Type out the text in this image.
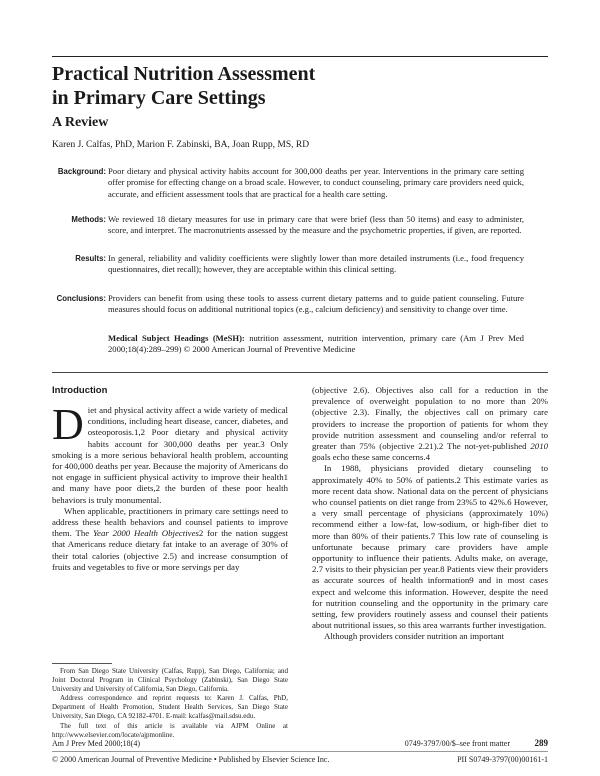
Practical Nutrition Assessment
in Primary Care Settings
A Review
Karen J. Calfas, PhD, Marion F. Zabinski, BA, Joan Rupp, MS, RD
Background: Poor dietary and physical activity habits account for 300,000 deaths per year. Interventions in the primary care setting offer promise for effecting change on a broad scale. However, to conduct counseling, primary care providers need quick, accurate, and efficient assessment tools that are practical for a health care setting.
Methods: We reviewed 18 dietary measures for use in primary care that were brief (less than 50 items) and easy to administer, score, and interpret. The macronutrients assessed by the measure and the psychometric properties, if given, are reported.
Results: In general, reliability and validity coefficients were slightly lower than more detailed instruments (i.e., food frequency questionnaires, diet recall); however, they are acceptable within this clinical setting.
Conclusions: Providers can benefit from using these tools to assess current dietary patterns and to guide patient counseling. Future measures should focus on additional nutritional topics (e.g., calcium deficiency) and sensitivity to change over time.
Medical Subject Headings (MeSH): nutrition assessment, nutrition intervention, primary care (Am J Prev Med 2000;18(4):289–299) © 2000 American Journal of Preventive Medicine
Introduction

Diet and physical activity affect a wide variety of medical conditions, including heart disease, cancer, diabetes, and osteoporosis.1,2 Poor dietary and physical activity habits account for 300,000 deaths per year.3 Only smoking is a more serious behavioral health problem, accounting for 400,000 deaths per year. Because the majority of Americans do not engage in sufficient physical activity to improve their health1 and many have poor diets,2 the burden of these poor health behaviors is truly monumental.

When applicable, practitioners in primary care settings need to address these health behaviors and counsel patients to improve them. The Year 2000 Health Objectives2 for the nation suggest that Americans reduce dietary fat intake to an average of 30% of their total calories (objective 2.5) and increase consumption of fruits and vegetables to five or more servings per day

From San Diego State University (Calfas, Rupp), San Diego, California; and Joint Doctoral Program in Clinical Psychology (Zabinski), San Diego State University and University of California, San Diego, California.

Address correspondence and reprint requests to: Karen J. Calfas, PhD, Department of Health Promotion, Student Health Services, San Diego State University, San Diego, CA 92182-4701. E-mail: kcalfas@mail.sdsu.edu.

The full text of this article is available via AJPM Online at http://www.elsevier.com/locate/ajpmonline.

(objective 2.6). Objectives also call for a reduction in the prevalence of overweight population to no more than 20% (objective 2.3). Finally, the objectives call on primary care providers to increase the proportion of patients for whom they provide nutrition assessment and counseling and/or referral to greater than 75% (objective 2.21).2 The not-yet-published 2010 goals echo these same concerns.4

In 1988, physicians provided dietary counseling to approximately 40% to 50% of patients.2 This estimate varies as more recent data show. National data on the percent of physicians who counsel patients on diet range from 23%5 to 42%.6 However, a very small percentage of physicians (approximately 10%) recommend either a low-fat, low-sodium, or high-fiber diet to more than 80% of their patients.7 This low rate of counseling is unfortunate because primary care providers have ample opportunity to influence their patients. Adults make, on average, 2.7 visits to their physician per year.8 Patients view their providers as accurate sources of health information9 and in most cases expect and welcome this information. However, despite the need for nutrition counseling and the opportunity in the primary care setting, few providers routinely assess and counsel their patients about nutritional issues, so this area warrants further investigation.

Although providers consider nutrition an important

Am J Prev Med 2000;18(4)	0749-3797/00/$–see front matter	289
© 2000 American Journal of Preventive Medicine • Published by Elsevier Science Inc.	PII S0749-3797(00)00161-1
